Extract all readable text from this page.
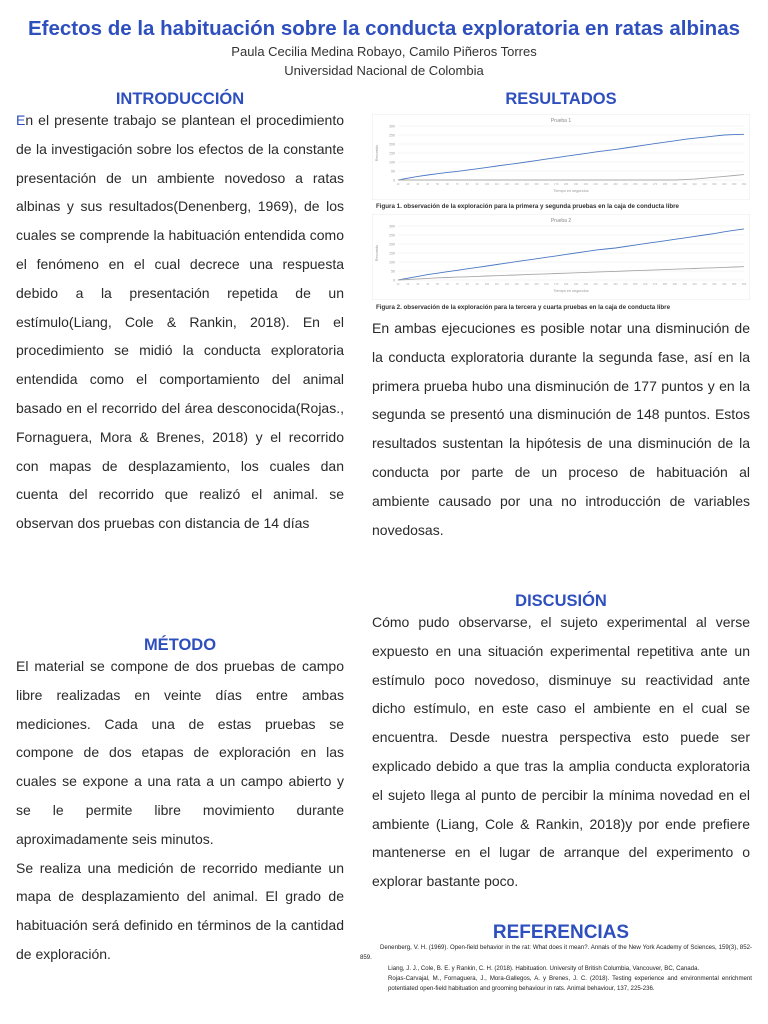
Efectos de la habituación sobre la conducta exploratoria en ratas albinas
Paula Cecilia Medina Robayo, Camilo Piñeros Torres
Universidad Nacional de Colombia
INTRODUCCIÓN

En el presente trabajo se plantean el procedimiento de la investigación sobre los efectos de la constante presentación de un ambiente novedoso a ratas albinas y sus resultados(Denenberg, 1969), de los cuales se comprende la habituación entendida como el fenómeno en el cual decrece una respuesta debido a la presentación repetida de un estímulo(Liang, Cole & Rankin, 2018). En el procedimiento se midió la conducta exploratoria entendida como el comportamiento del animal basado en el recorrido del área desconocida(Rojas., Fornaguera, Mora & Brenes, 2018) y el recorrido con mapas de desplazamiento, los cuales dan cuenta del recorrido que realizó el animal. se observan dos pruebas con distancia de 14 días

MÉTODO

El material se compone de dos pruebas de campo libre realizadas en veinte días entre ambas mediciones. Cada una de estas pruebas se compone de dos etapas de exploración en las cuales se expone a una rata a un campo abierto y se le permite libre movimiento durante aproximadamente seis minutos.

Se realiza una medición de recorrido mediante un mapa de desplazamiento del animal. El grado de habituación será definido en términos de la cantidad de exploración.

RESULTADOS
Prueba 1
0
50
100
150
200
250
300
10	20	30	40	50	60	70	80	90 100 110 120 130 140 150 160 170 180 190 200 210 220 230 240 250 260 270 280 290 300 310 320 330 340 350 360
Tiempo en segundos
Recorrido
Figura 1. observación de la exploración para la primera y segunda pruebas en la caja de conducta libre
Prueba 2
0
50
100
150
200
250
300
10	20	30	40	50	60	70	80	90 100 110 120 130 140 150 160 170 180 190 200 210 220 230 240 250 260 270 280 290 300 310 320 330 340 350 360
Tiempo en segundos
Recorrido
Figura 2. observación de la exploración para la tercera y cuarta pruebas en la caja de conducta libre
En ambas ejecuciones es posible notar una disminución de la conducta exploratoria durante la segunda fase, así en la primera prueba hubo una disminución de 177 puntos y en la segunda se presentó una disminución de 148 puntos. Estos resultados sustentan la hipótesis de una disminución de la conducta por parte de un proceso de habituación al ambiente causado por una no introducción de variables novedosas.
DISCUSIÓN
Cómo pudo observarse, el sujeto experimental al verse expuesto en una situación experimental repetitiva ante un estímulo poco novedoso, disminuye su reactividad ante dicho estímulo, en este caso el ambiente en el cual se encuentra. Desde nuestra perspectiva esto puede ser explicado debido a que tras la amplia conducta exploratoria el sujeto llega al punto de percibir la mínima novedad en el ambiente (Liang, Cole & Rankin, 2018)y por ende prefiere mantenerse en el lugar de arranque del experimento o explorar bastante poco.
REFERENCIAS
Denenberg, V. H. (1969). Open-field behavior in the rat: What does it mean?. Annals of the New York Academy of Sciences, 159(3), 852-859.
Liang, J. J., Cole, B. E. y Rankin, C. H. (2018). Habituation. University of British Columbia, Vancouver, BC, Canada.
Rojas-Carvajal, M., Fornaguera, J., Mora-Gallegos, A. y Brenes, J. C. (2018). Testing experience and environmental enrichment potentiated open-field habituation and grooming behaviour in rats. Animal behaviour, 137, 225-236.
